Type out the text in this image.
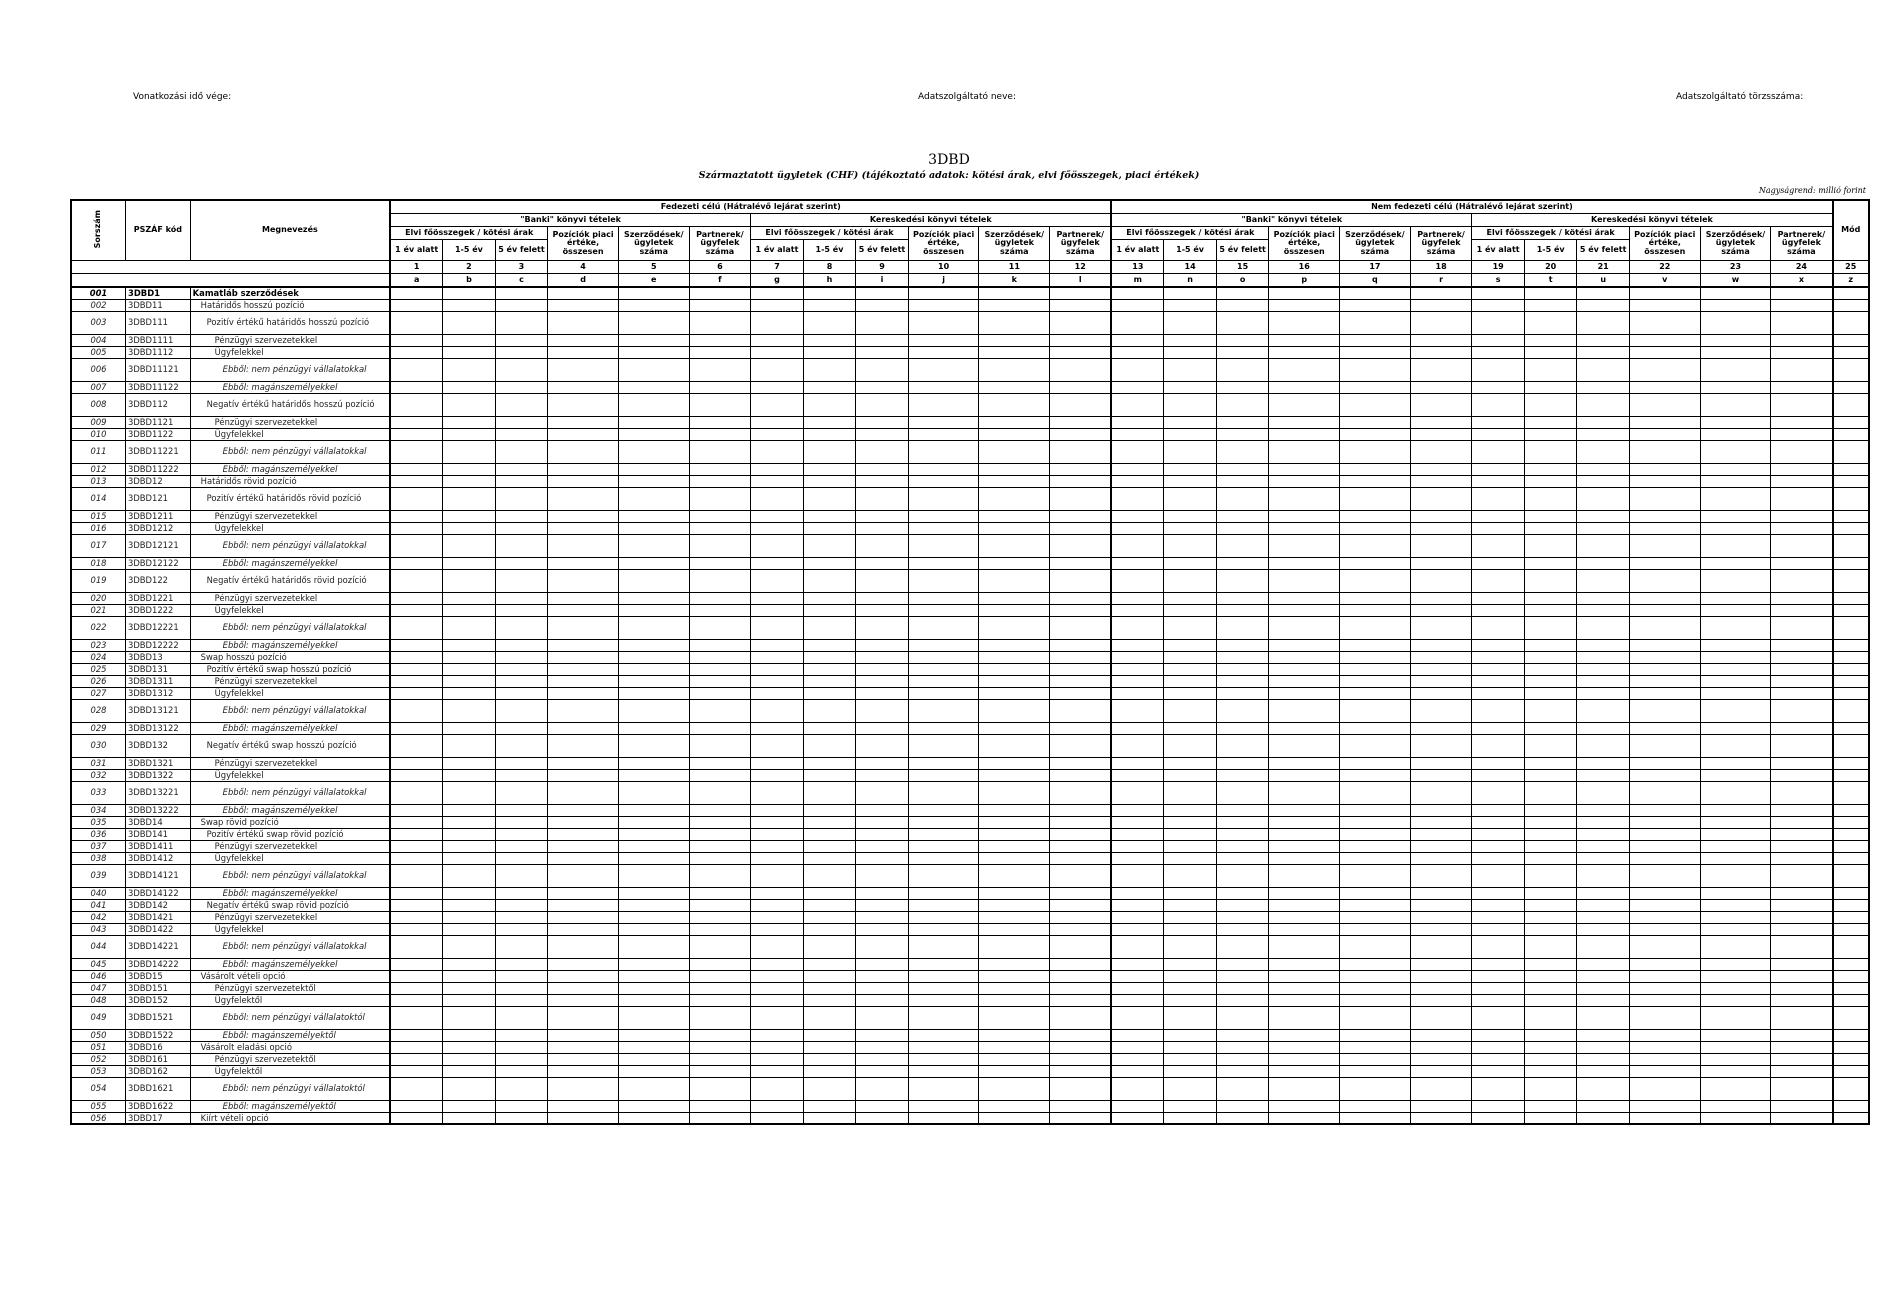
Vonatkozási idő vége:	Adatszolgáltató neve:	Adatszolgáltató törzsszáma:
3DBD
Származtatott ügyletek (CHF) (tájékoztató adatok: kötési árak, elvi főösszegek, piaci értékek)
Nagyságrend: millió forint
Sorszám	PSZÁF kód	Megnevezés	Fedezeti célú (Hátralévő lejárat szerint)												Nem fedezeti célú (Hátralévő lejárat szerint)												Mód
			"Banki" könyvi tételek						Kereskedési könyvi tételek						"Banki" könyvi tételek						Kereskedési könyvi tételek						
			Elvi főösszegek / kötési árak			Pozíciók piaci értéke, összesen	Szerződések/ ügyletek száma	Partnerek/ ügyfelek száma	Elvi főösszegek / kötési árak			Pozíciók piaci értéke, összesen	Szerződések/ ügyletek száma	Partnerek/ ügyfelek száma	Elvi főösszegek / kötési árak			Pozíciók piaci értéke, összesen	Szerződések/ ügyletek száma	Partnerek/ ügyfelek száma	Elvi főösszegek / kötési árak			Pozíciók piaci értéke, összesen	Szerződések/ ügyletek száma	Partnerek/ ügyfelek száma	
			1 év alatt	1-5 év	5 év felett				1 év alatt	1-5 év	5 év felett				1 év alatt	1-5 év	5 év felett				1 év alatt	1-5 év	5 év felett				
			1	2	3	4	5	6	7	8	9	10	11	12	13	14	15	16	17	18	19	20	21	22	23	24	25
			a	b	c	d	e	f	g	h	i	j	k	l	m	n	o	p	q	r	s	t	u	v	w	x	z
001	3DBD1	Kamatláb szerződések																									
002	3DBD11	Határidős hosszú pozíció																									
003	3DBD111	Pozitív értékű határidős hosszú pozíció																									
004	3DBD1111	Pénzügyi szervezetekkel																									
005	3DBD1112	Ügyfelekkel																									
006	3DBD11121	Ebből: nem pénzügyi vállalatokkal																									
007	3DBD11122	Ebből: magánszemélyekkel																									
008	3DBD112	Negatív értékű határidős hosszú pozíció																									
009	3DBD1121	Pénzügyi szervezetekkel																									
010	3DBD1122	Ügyfelekkel																									
011	3DBD11221	Ebből: nem pénzügyi vállalatokkal																									
012	3DBD11222	Ebből: magánszemélyekkel																									
013	3DBD12	Határidős rövid pozíció																									
014	3DBD121	Pozitív értékű határidős rövid pozíció																									
015	3DBD1211	Pénzügyi szervezetekkel																									
016	3DBD1212	Ügyfelekkel																									
017	3DBD12121	Ebből: nem pénzügyi vállalatokkal																									
018	3DBD12122	Ebből: magánszemélyekkel																									
019	3DBD122	Negatív értékű határidős rövid pozíció																									
020	3DBD1221	Pénzügyi szervezetekkel																									
021	3DBD1222	Ügyfelekkel																									
022	3DBD12221	Ebből: nem pénzügyi vállalatokkal																									
023	3DBD12222	Ebből: magánszemélyekkel																									
024	3DBD13	Swap hosszú pozíció																									
025	3DBD131	Pozitív értékű swap hosszú pozíció																									
026	3DBD1311	Pénzügyi szervezetekkel																									
027	3DBD1312	Ügyfelekkel																									
028	3DBD13121	Ebből: nem pénzügyi vállalatokkal																									
029	3DBD13122	Ebből: magánszemélyekkel																									
030	3DBD132	Negatív értékű swap hosszú pozíció																									
031	3DBD1321	Pénzügyi szervezetekkel																									
032	3DBD1322	Ügyfelekkel																									
033	3DBD13221	Ebből: nem pénzügyi vállalatokkal																									
034	3DBD13222	Ebből: magánszemélyekkel																									
035	3DBD14	Swap rövid pozíció																									
036	3DBD141	Pozitív értékű swap rövid pozíció																									
037	3DBD1411	Pénzügyi szervezetekkel																									
038	3DBD1412	Ügyfelekkel																									
039	3DBD14121	Ebből: nem pénzügyi vállalatokkal																									
040	3DBD14122	Ebből: magánszemélyekkel																									
041	3DBD142	Negatív értékű swap rövid pozíció																									
042	3DBD1421	Pénzügyi szervezetekkel																									
043	3DBD1422	Ügyfelekkel																									
044	3DBD14221	Ebből: nem pénzügyi vállalatokkal																									
045	3DBD14222	Ebből: magánszemélyekkel																									
046	3DBD15	Vásárolt vételi opció																									
047	3DBD151	Pénzügyi szervezetektől																									
048	3DBD152	Ügyfelektől																									
049	3DBD1521	Ebből: nem pénzügyi vállalatoktól																									
050	3DBD1522	Ebből: magánszemélyektől																									
051	3DBD16	Vásárolt eladási opció																									
052	3DBD161	Pénzügyi szervezetektől																									
053	3DBD162	Ügyfelektől																									
054	3DBD1621	Ebből: nem pénzügyi vállalatoktól																									
055	3DBD1622	Ebből: magánszemélyektől																									
056	3DBD17	Kiírt vételi opció																									
